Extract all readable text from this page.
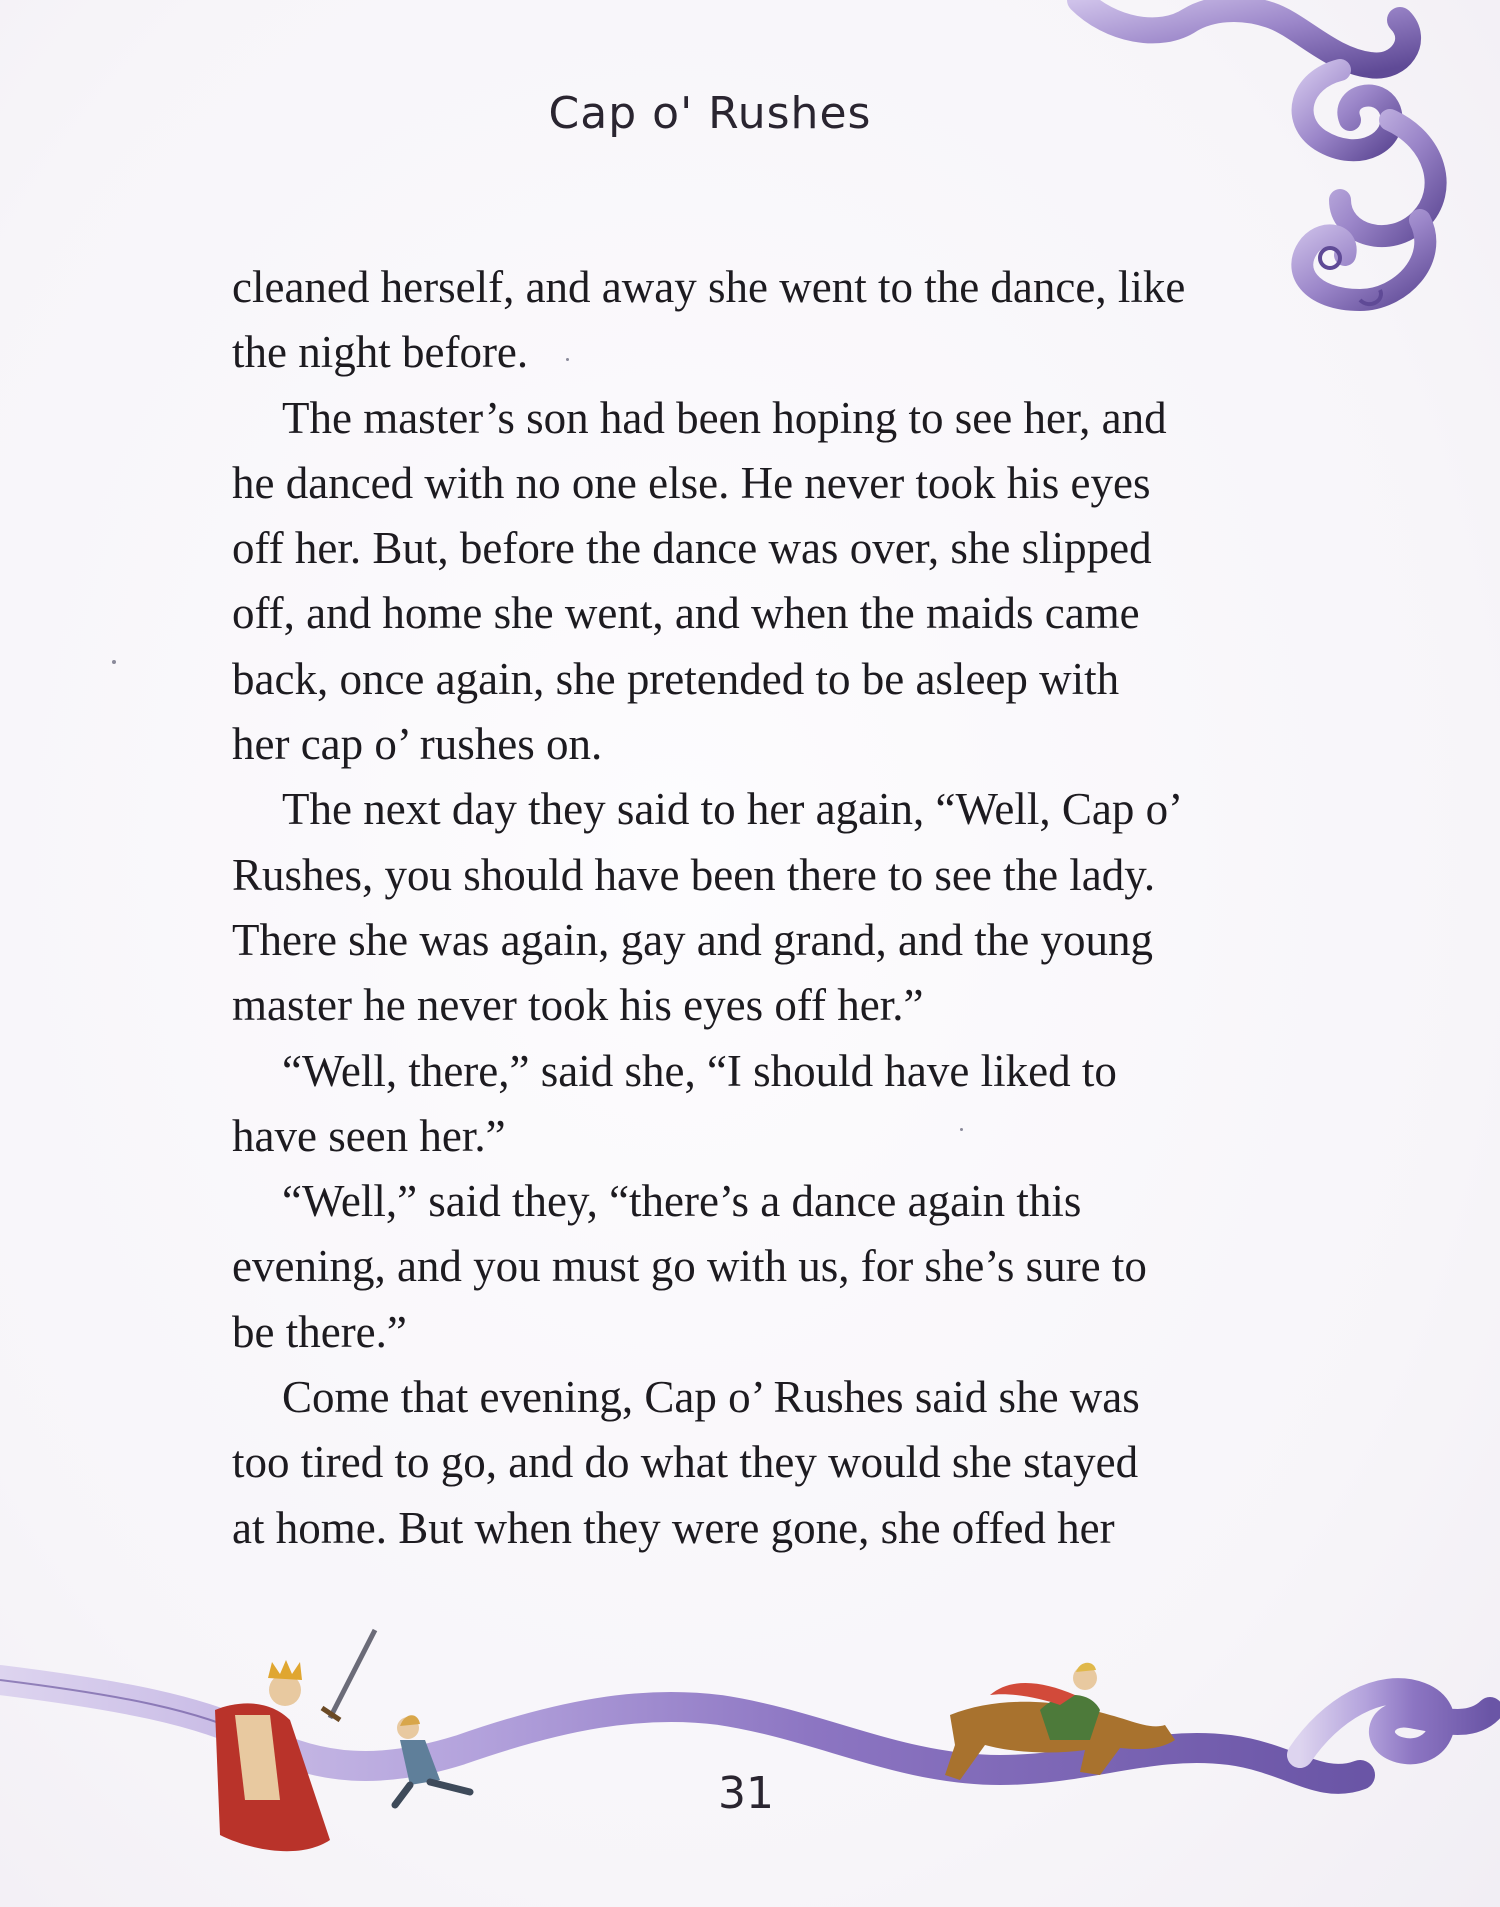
Cap o' Rushes

cleaned herself, and away she went to the dance, like
the night before.

The master’s son had been hoping to see her, and
he danced with no one else. He never took his eyes
off her. But, before the dance was over, she slipped
off, and home she went, and when the maids came
back, once again, she pretended to be asleep with
her cap o’ rushes on.

The next day they said to her again, “Well, Cap o’
Rushes, you should have been there to see the lady.
There she was again, gay and grand, and the young
master he never took his eyes off her.”

“Well, there,” said she, “I should have liked to
have seen her.”

“Well,” said they, “there’s a dance again this
evening, and you must go with us, for she’s sure to
be there.”

Come that evening, Cap o’ Rushes said she was
too tired to go, and do what they would she stayed
at home. But when they were gone, she offed her

31
